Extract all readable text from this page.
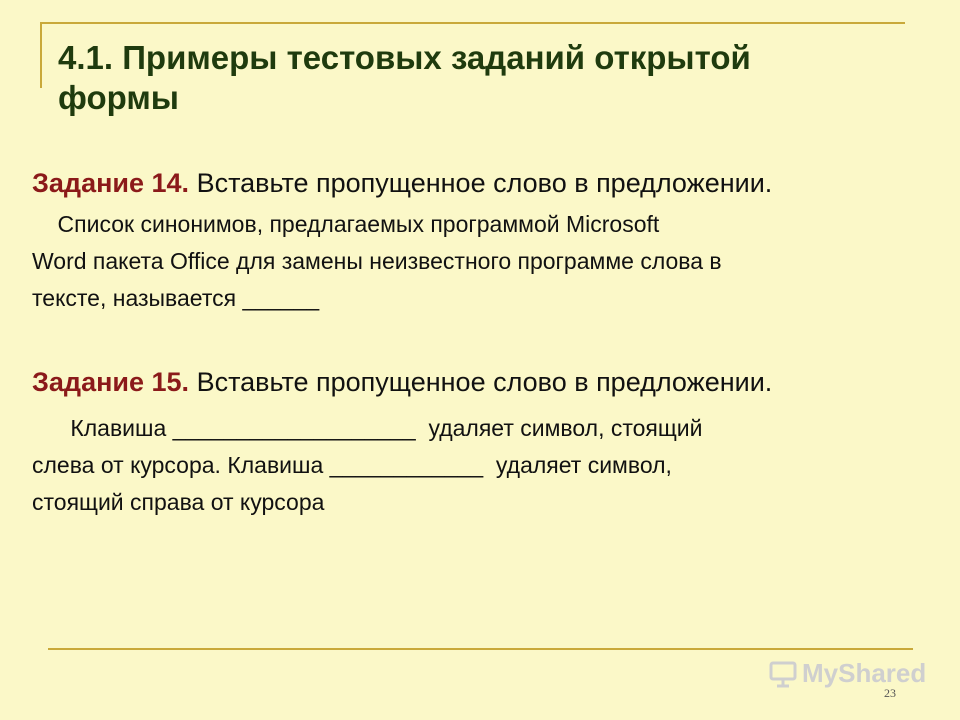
4.1. Примеры тестовых заданий открытой формы

Задание 14. Вставьте пропущенное слово в предложении.

Список синонимов, предлагаемых программой Microsoft
Word пакета Office для замены неизвестного программе слова в
тексте, называется ______

Задание 15. Вставьте пропущенное слово в предложении.

Клавиша ___________________  удаляет символ, стоящий
слева от курсора. Клавиша ____________  удаляет символ,
стоящий справа от курсора
MyShared
23
